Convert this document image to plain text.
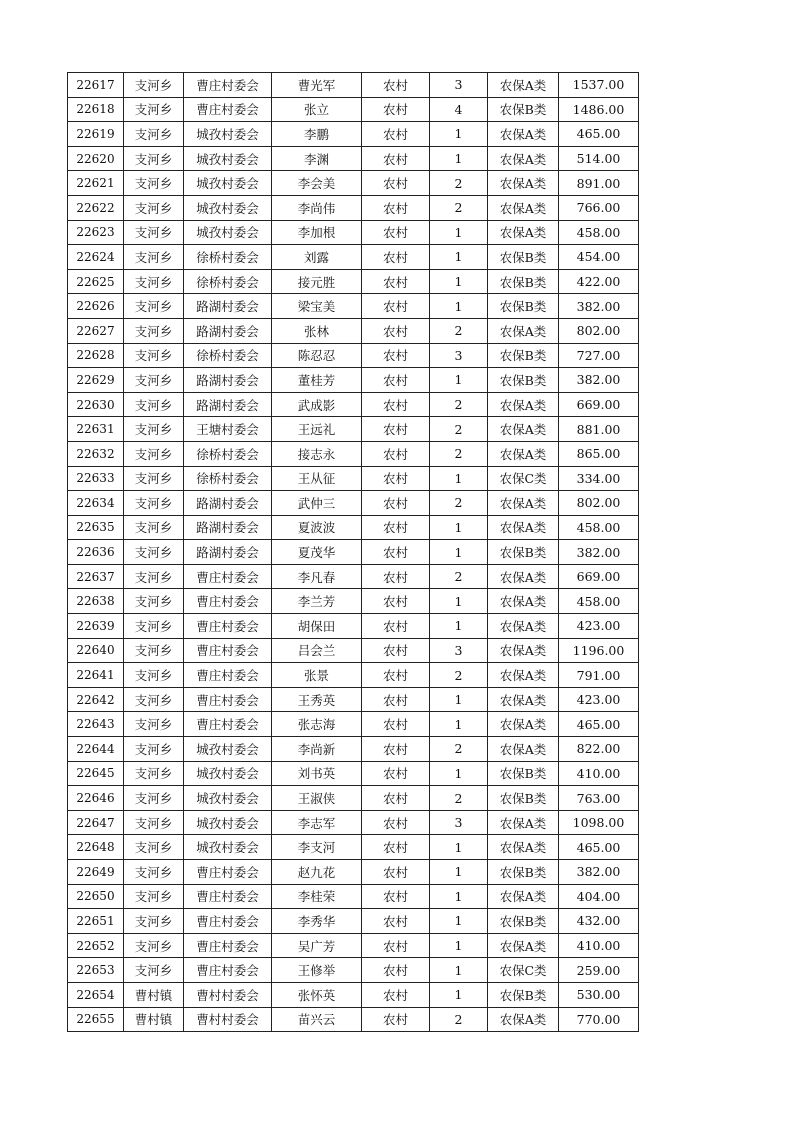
22617	支河乡	曹庄村委会	曹光军	农村	3	农保A类	1537.00
22618	支河乡	曹庄村委会	张立	农村	4	农保B类	1486.00
22619	支河乡	城孜村委会	李鹏	农村	1	农保A类	465.00
22620	支河乡	城孜村委会	李渊	农村	1	农保A类	514.00
22621	支河乡	城孜村委会	李会美	农村	2	农保A类	891.00
22622	支河乡	城孜村委会	李尚伟	农村	2	农保A类	766.00
22623	支河乡	城孜村委会	李加根	农村	1	农保A类	458.00
22624	支河乡	徐桥村委会	刘露	农村	1	农保B类	454.00
22625	支河乡	徐桥村委会	接元胜	农村	1	农保B类	422.00
22626	支河乡	路湖村委会	梁宝美	农村	1	农保B类	382.00
22627	支河乡	路湖村委会	张林	农村	2	农保A类	802.00
22628	支河乡	徐桥村委会	陈忍忍	农村	3	农保B类	727.00
22629	支河乡	路湖村委会	董桂芳	农村	1	农保B类	382.00
22630	支河乡	路湖村委会	武成影	农村	2	农保A类	669.00
22631	支河乡	王塘村委会	王远礼	农村	2	农保A类	881.00
22632	支河乡	徐桥村委会	接志永	农村	2	农保A类	865.00
22633	支河乡	徐桥村委会	王从征	农村	1	农保C类	334.00
22634	支河乡	路湖村委会	武仲三	农村	2	农保A类	802.00
22635	支河乡	路湖村委会	夏波波	农村	1	农保A类	458.00
22636	支河乡	路湖村委会	夏茂华	农村	1	农保B类	382.00
22637	支河乡	曹庄村委会	李凡春	农村	2	农保A类	669.00
22638	支河乡	曹庄村委会	李兰芳	农村	1	农保A类	458.00
22639	支河乡	曹庄村委会	胡保田	农村	1	农保A类	423.00
22640	支河乡	曹庄村委会	吕会兰	农村	3	农保A类	1196.00
22641	支河乡	曹庄村委会	张景	农村	2	农保A类	791.00
22642	支河乡	曹庄村委会	王秀英	农村	1	农保A类	423.00
22643	支河乡	曹庄村委会	张志海	农村	1	农保A类	465.00
22644	支河乡	城孜村委会	李尚新	农村	2	农保A类	822.00
22645	支河乡	城孜村委会	刘书英	农村	1	农保B类	410.00
22646	支河乡	城孜村委会	王淑侠	农村	2	农保B类	763.00
22647	支河乡	城孜村委会	李志军	农村	3	农保A类	1098.00
22648	支河乡	城孜村委会	李支河	农村	1	农保A类	465.00
22649	支河乡	曹庄村委会	赵九花	农村	1	农保B类	382.00
22650	支河乡	曹庄村委会	李桂荣	农村	1	农保A类	404.00
22651	支河乡	曹庄村委会	李秀华	农村	1	农保B类	432.00
22652	支河乡	曹庄村委会	吴广芳	农村	1	农保A类	410.00
22653	支河乡	曹庄村委会	王修举	农村	1	农保C类	259.00
22654	曹村镇	曹村村委会	张怀英	农村	1	农保B类	530.00
22655	曹村镇	曹村村委会	苗兴云	农村	2	农保A类	770.00
